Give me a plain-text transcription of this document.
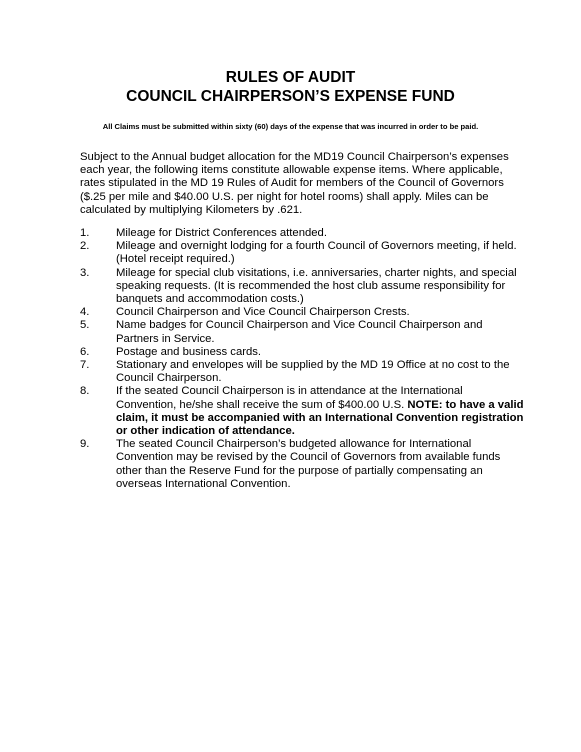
RULES OF AUDIT
COUNCIL CHAIRPERSON’S EXPENSE FUND

All Claims must be submitted within sixty (60) days of the expense that was incurred in order to be paid.

Subject to the Annual budget allocation for the MD19 Council Chairperson’s expenses each year, the following items constitute allowable expense items. Where applicable, rates stipulated in the MD 19 Rules of Audit for members of the Council of Governors ($.25 per mile and $40.00 U.S. per night for hotel rooms) shall apply. Miles can be calculated by multiplying Kilometers by .621.

1.	Mileage for District Conferences attended.
2.	Mileage and overnight lodging for a fourth Council of Governors meeting, if held. (Hotel receipt required.)
3.	Mileage for special club visitations, i.e. anniversaries, charter nights, and special speaking requests. (It is recommended the host club assume responsibility for banquets and accommodation costs.)
4.	Council Chairperson and Vice Council Chairperson Crests.
5.	Name badges for Council Chairperson and Vice Council Chairperson and Partners in Service.
6.	Postage and business cards.
7.	Stationary and envelopes will be supplied by the MD 19 Office at no cost to the Council Chairperson.
8.	If the seated Council Chairperson is in attendance at the International Convention, he/she shall receive the sum of $400.00 U.S. NOTE: to have a valid claim, it must be accompanied with an International Convention registration or other indication of attendance.
9.	The seated Council Chairperson’s budgeted allowance for International Convention may be revised by the Council of Governors from available funds other than the Reserve Fund for the purpose of partially compensating an overseas International Convention.
